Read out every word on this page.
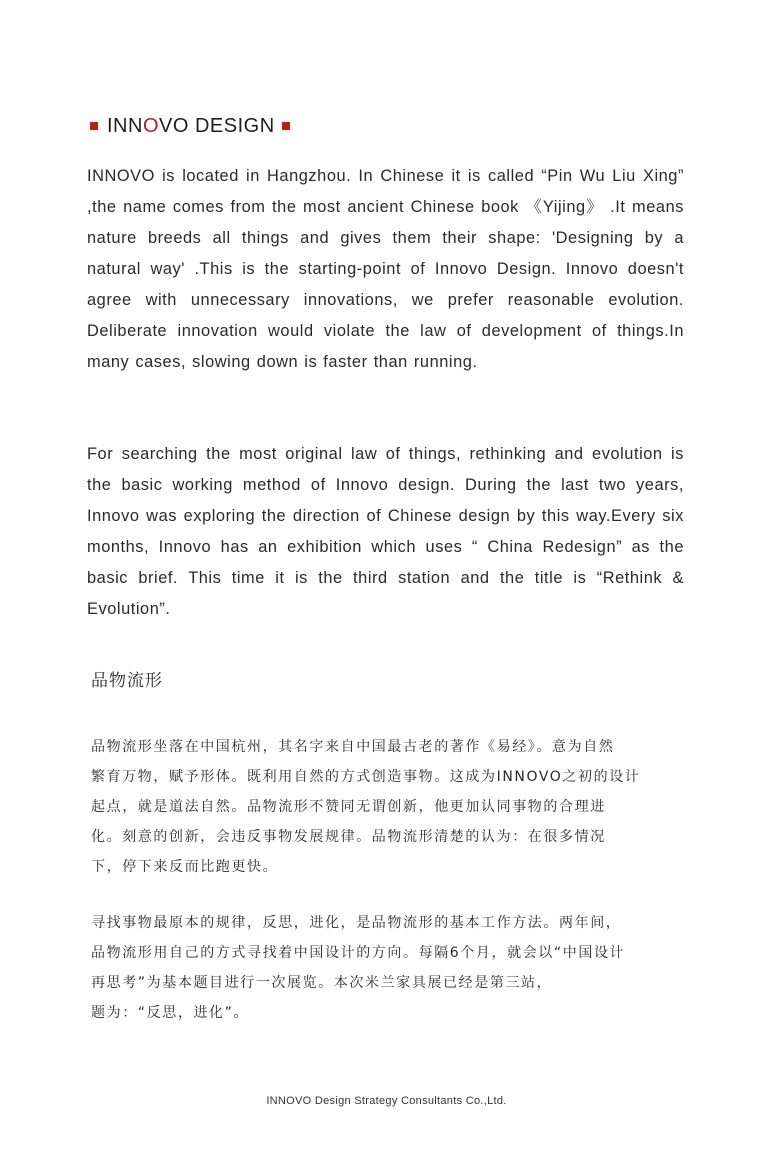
INN O VO DESIGN

INNOVO is located in Hangzhou. In Chinese it is called “Pin Wu Liu Xing” ,the name comes from the most ancient Chinese book 《Yijing》 .It means nature breeds all things and gives them their shape: 'Designing by a natural way' .This is the starting-point of Innovo Design. Innovo doesn't agree with unnecessary innovations, we prefer reasonable evolution. Deliberate innovation would violate the law of development of things.In many cases, slowing down is faster than running.

For searching the most original law of things, rethinking and evolution is the basic working method of Innovo design. During the last two years, Innovo was exploring the direction of Chinese design by this way.Every six months, Innovo has an exhibition which uses “ China Redesign” as the basic brief. This time it is the third station and the title is “Rethink & Evolution”.

品物流形
品物流形坐落在中国杭州，其名字来自中国最古老的著作《易经》。意为自然
繁育万物，赋予形体。既利用自然的方式创造事物。这成为INNOVO之初的设计
起点，就是道法自然。品物流形不赞同无谓创新，他更加认同事物的合理进
化。刻意的创新，会违反事物发展规律。品物流形清楚的认为：在很多情况
下，停下来反而比跑更快。
寻找事物最原本的规律，反思，进化，是品物流形的基本工作方法。两年间，
品物流形用自己的方式寻找着中国设计的方向。每隔6个月，就会以“中国设计
再思考”为基本题目进行一次展览。本次米兰家具展已经是第三站，
题为：“反思，进化”。
INNOVO Design Strategy Consultants Co.,Ltd.
